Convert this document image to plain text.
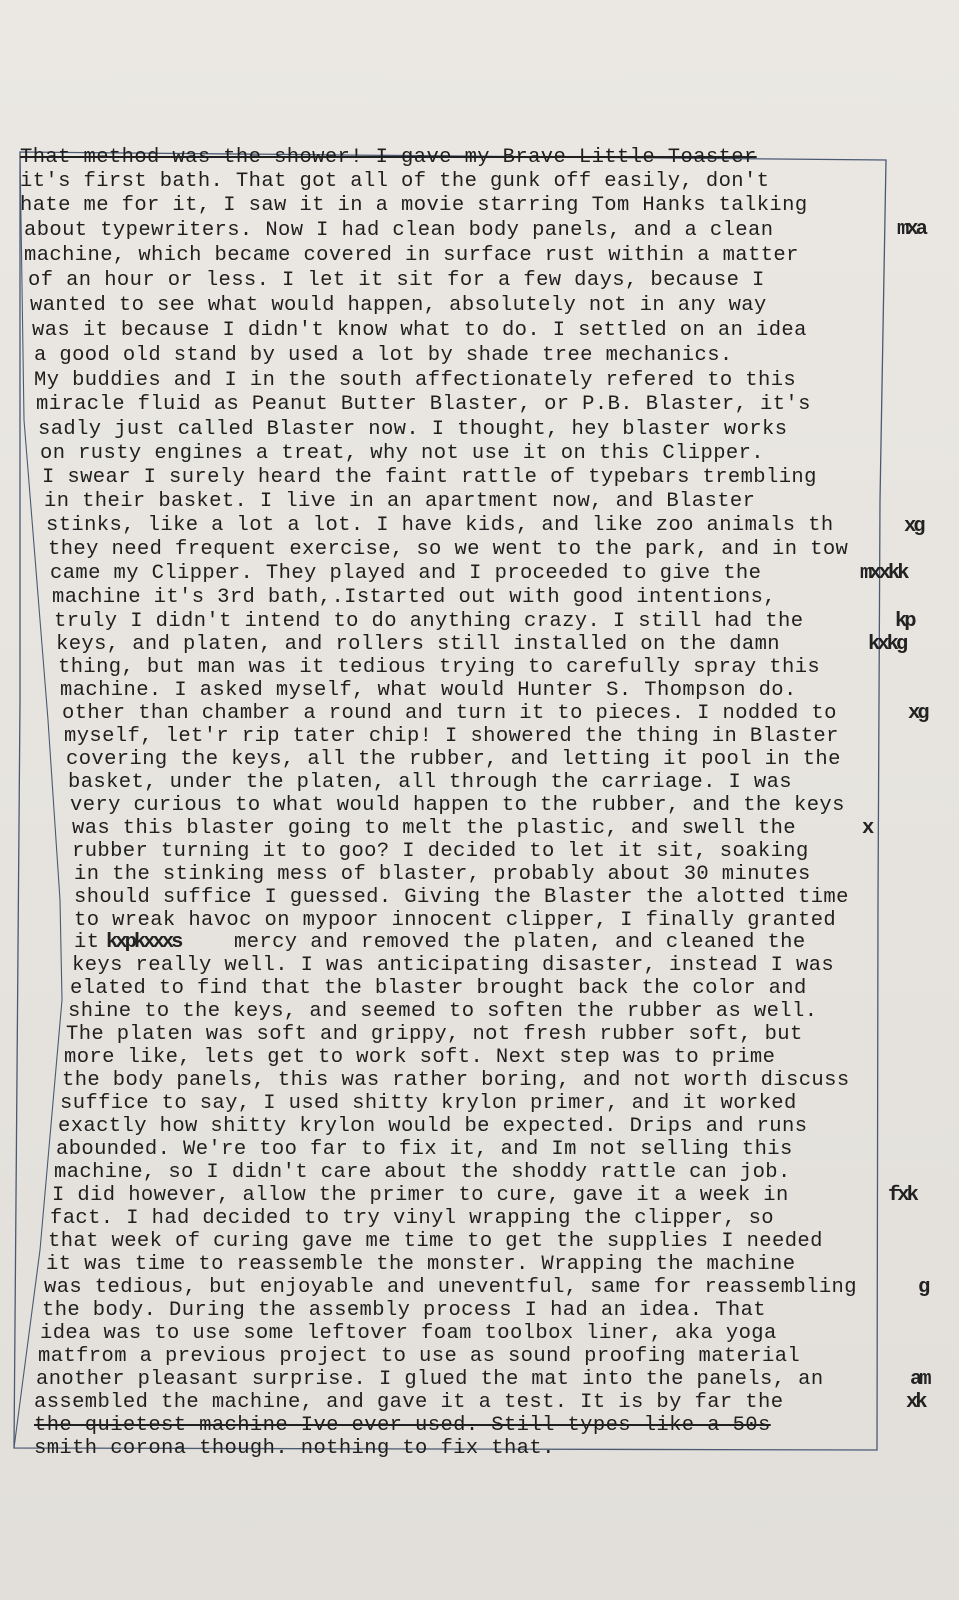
That method was the shower! I gave my Brave Little Toaster
it's first bath. That got all of the gunk off easily, don't
hate me for it, I saw it in a movie starring Tom Hanks talking
about typewriters. Now I had clean body panels, and a clean	mxa
machine, which became covered in surface rust within a matter
of an hour or less. I let it sit for a few days, because I
wanted to see what would happen, absolutely not in any way
was it because I didn't know what to do. I settled on an idea
a good old stand by used a lot by shade tree mechanics.
My buddies and I in the south affectionately refered to this
miracle fluid as Peanut Butter Blaster, or P.B. Blaster, it's
sadly just called Blaster now. I thought, hey blaster works
on rusty engines a treat, why not use it on this Clipper.
I swear I surely heard the faint rattle of typebars trembling
in their basket. I live in an apartment now, and Blaster
stinks, like a lot a lot. I have kids, and like zoo animals th
they need frequent exercise, so we went to the park, and in tow
came my Clipper. They played and I proceeded to give the	mxxkk
machine it's 3rd bath,.Istarted out with good intentions,
truly I didn't intend to do anything crazy. I still had the	kp
keys, and platen, and rollers still installed on the damn	kxkg
thing, but man was it tedious trying to carefully spray this
machine. I asked myself, what would Hunter S. Thompson do.
other than chamber a round and turn it to pieces. I nodded to	xg
myself, let'r rip tater chip! I showered the thing in Blaster
covering the keys, all the rubber, and letting it pool in the
basket, under the platen, all through the carriage. I was
very curious to what would happen to the rubber, and the keys
was this blaster going to melt the plastic, and swell the	x
rubber turning it to goo? I decided to let it sit, soaking
in the stinking mess of blaster, probably about 30 minutes
should suffice I guessed. Giving the Blaster the alotted time
to wreak havoc on mypoor innocent clipper, I finally granted
it kxpkxxxs	mercy and removed the platen, and cleaned the
keys really well. I was anticipating disaster, instead I was
elated to find that the blaster brought back the color and
shine to the keys, and seemed to soften the rubber as well.
The platen was soft and grippy, not fresh rubber soft, but
more like, lets get to work soft. Next step was to prime
the body panels, this was rather boring, and not worth discuss
suffice to say, I used shitty krylon primer, and it worked
exactly how shitty krylon would be expected. Drips and runs
abounded. We're too far to fix it, and Im not selling this
machine, so I didn't care about the shoddy rattle can job.
I did however, allow the primer to cure, gave it a week in	fxk
fact. I had decided to try vinyl wrapping the clipper, so
that week of curing gave me time to get the supplies I needed
it was time to reassemble the monster. Wrapping the machine
was tedious, but enjoyable and uneventful, same for reassembling	g
the body. During the assembly process I had an idea. That
idea was to use some leftover foam toolbox liner, aka yoga
matfrom a previous project to use as sound proofing material
another pleasant surprise. I glued the mat into the panels, an	am
assembled the machine, and gave it a test. It is by far the	xk
the quietest machine Ive ever used. Still types like a 50s
smith corona though. nothing to fix that.
xg
